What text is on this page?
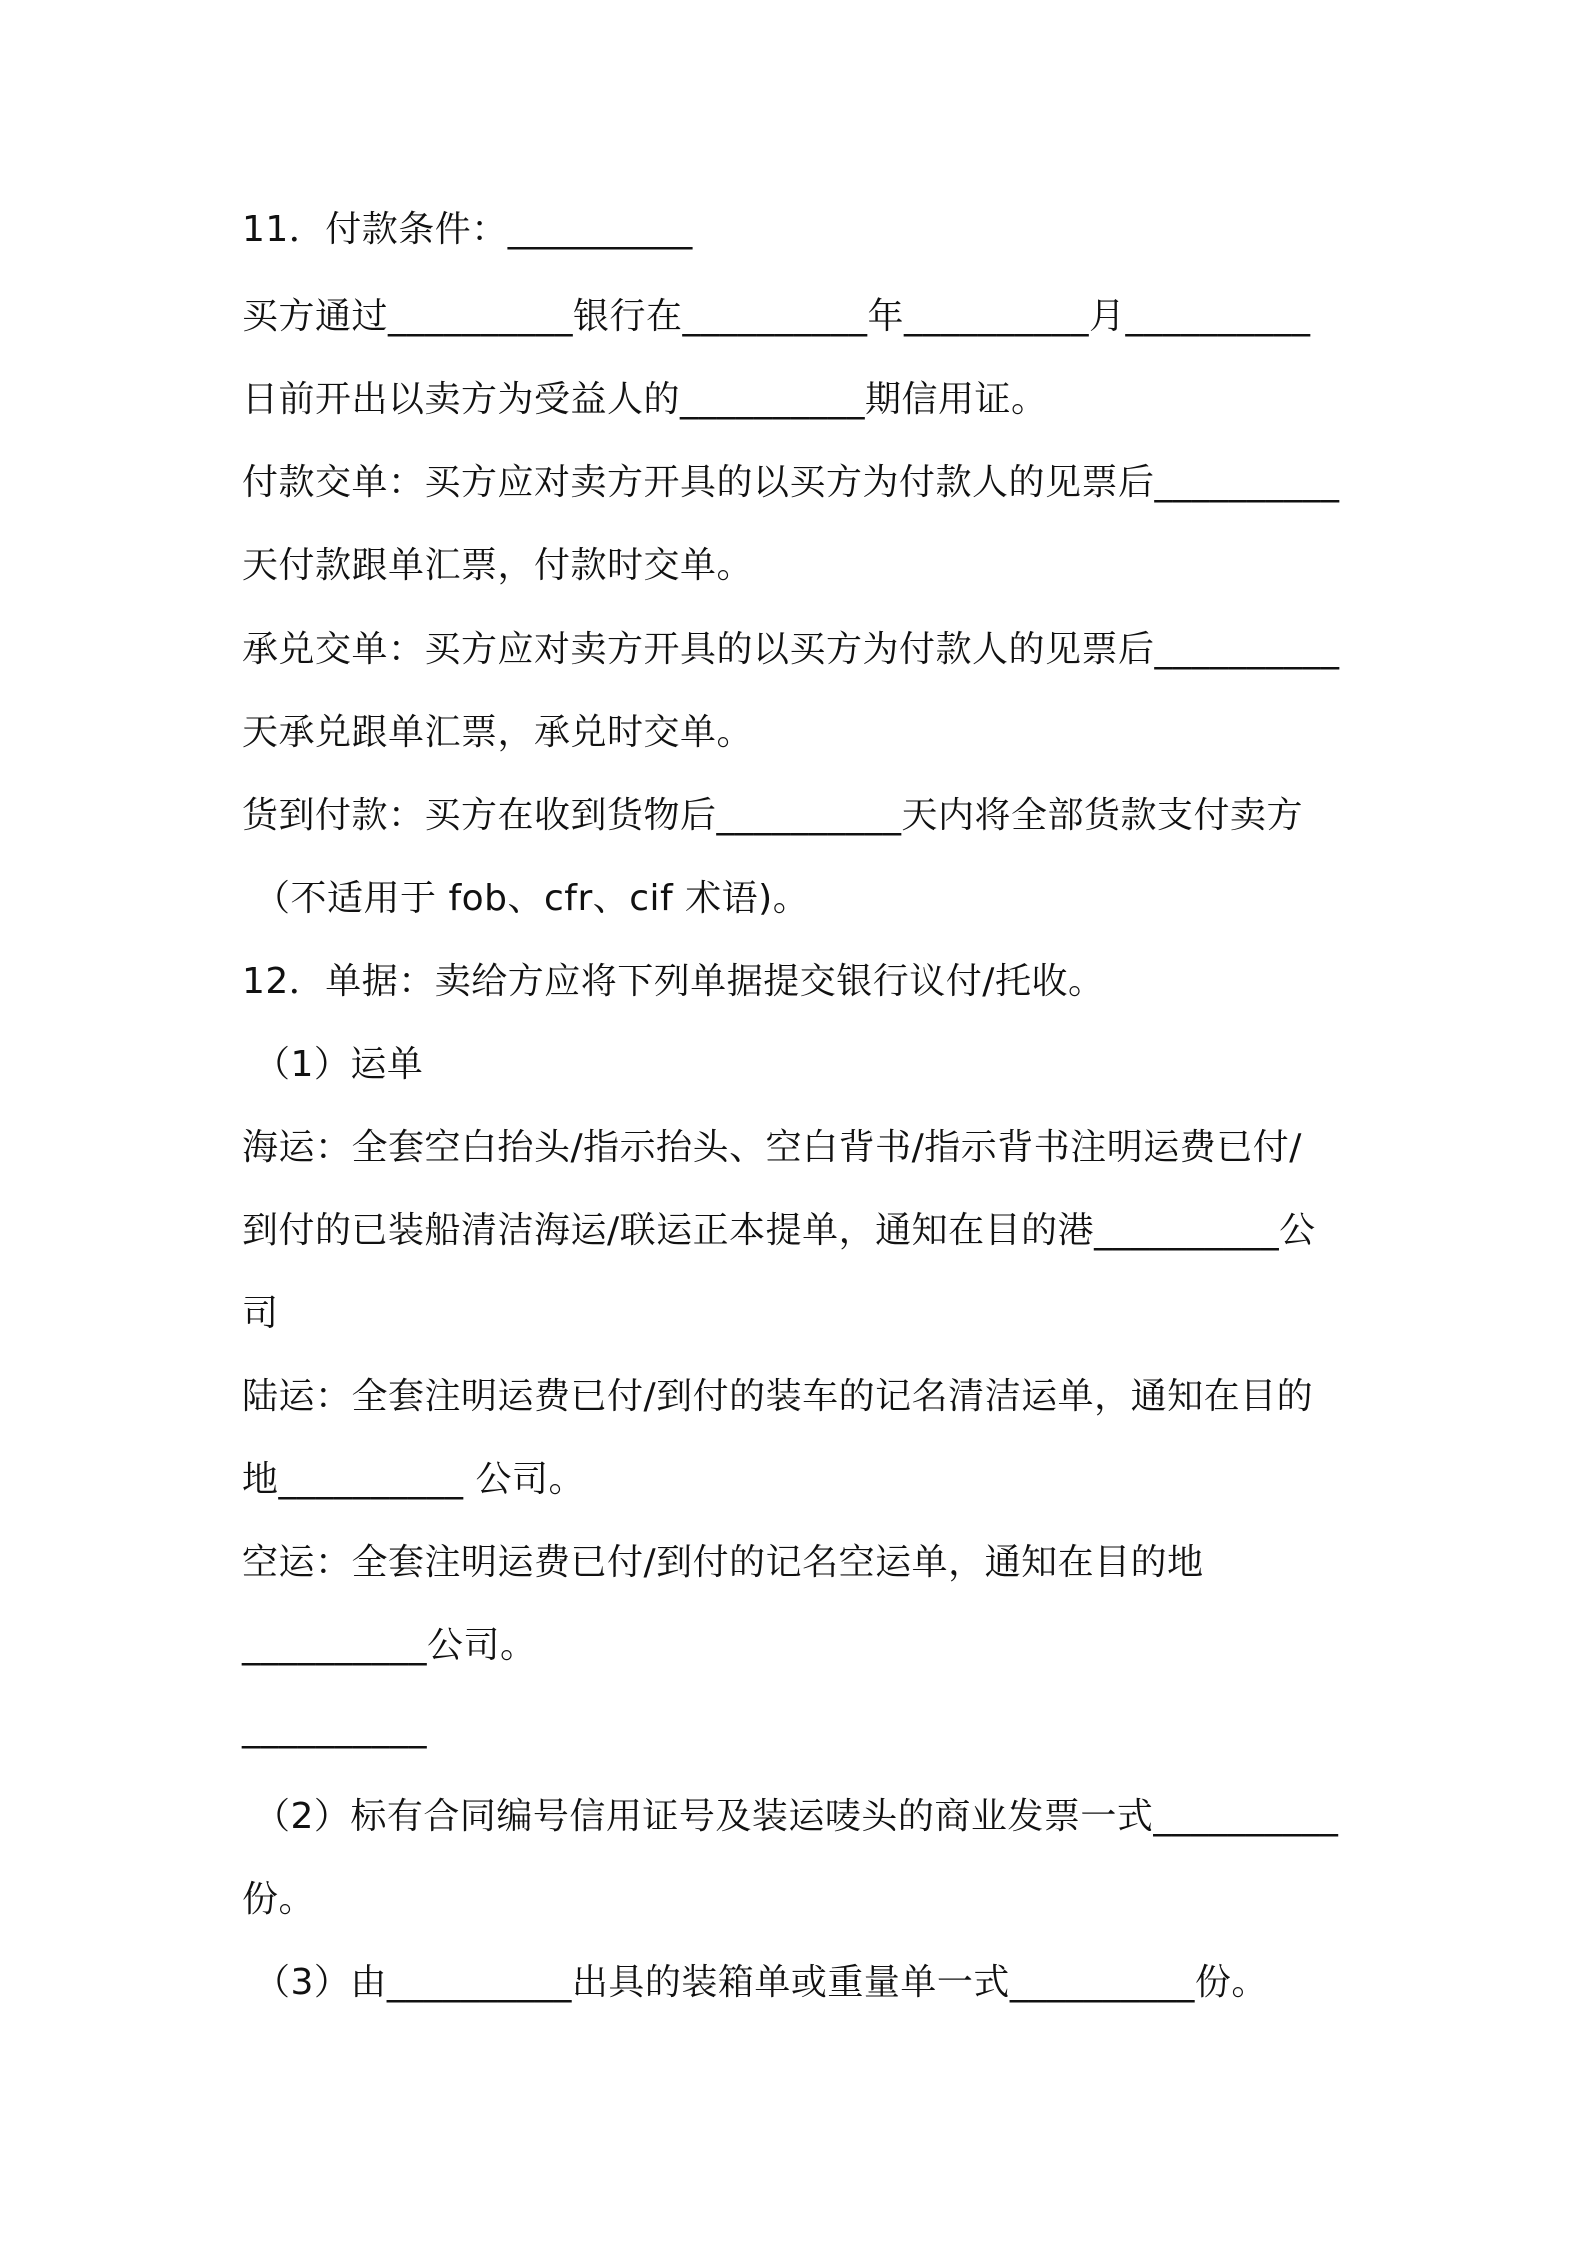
11．付款条件：__________
买方通过__________银行在__________年__________月__________
日前开出以卖方为受益人的__________期信用证。
付款交单：买方应对卖方开具的以买方为付款人的见票后__________
天付款跟单汇票，付款时交单。
承兑交单：买方应对卖方开具的以买方为付款人的见票后__________
天承兑跟单汇票，承兑时交单。
货到付款：买方在收到货物后__________天内将全部货款支付卖方
（不适用于 fob、cfr、cif 术语)。
12．单据：卖给方应将下列单据提交银行议付/托收。
（1）运单
海运：全套空白抬头/指示抬头、空白背书/指示背书注明运费已付/
到付的已装船清洁海运/联运正本提单，通知在目的港__________公
司
陆运：全套注明运费已付/到付的装车的记名清洁运单，通知在目的
地__________ 公司。
空运：全套注明运费已付/到付的记名空运单，通知在目的地
__________公司。
__________
（2）标有合同编号信用证号及装运唛头的商业发票一式__________
份。
（3）由__________出具的装箱单或重量单一式__________份。
